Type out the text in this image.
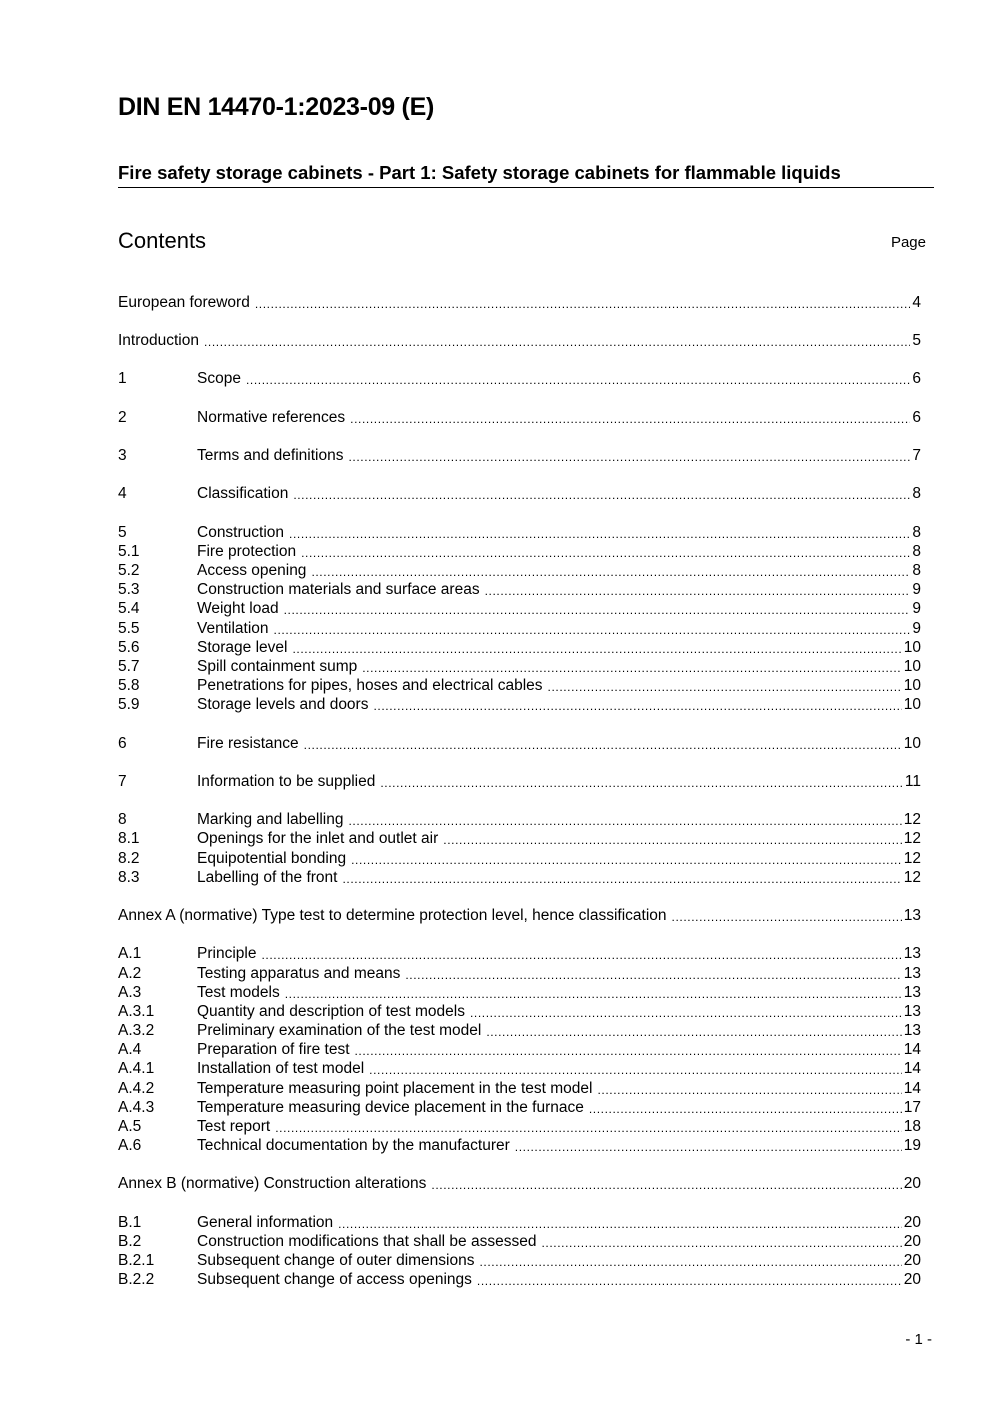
DIN EN 14470-1:2023-09 (E)
Fire safety storage cabinets - Part 1: Safety storage cabinets for flammable liquids
Contents	Page
European foreword .....	4
Introduction .....	5
1	Scope .....	6
2	Normative references .....	6
3	Terms and definitions .....	7
4	Classification .....	8
5	Construction .....	8
5.1	Fire protection .....	8
5.2	Access opening .....	8
5.3	Construction materials and surface areas .....	9
5.4	Weight load .....	9
5.5	Ventilation .....	9
5.6	Storage level .....	10
5.7	Spill containment sump .....	10
5.8	Penetrations for pipes, hoses and electrical cables .....	10
5.9	Storage levels and doors .....	10
6	Fire resistance .....	10
7	Information to be supplied .....	11
8	Marking and labelling .....	12
8.1	Openings for the inlet and outlet air .....	12
8.2	Equipotential bonding .....	12
8.3	Labelling of the front .....	12
Annex A (normative) Type test to determine protection level, hence classification .....	13
A.1	Principle .....	13
A.2	Testing apparatus and means .....	13
A.3	Test models .....	13
A.3.1	Quantity and description of test models .....	13
A.3.2	Preliminary examination of the test model .....	13
A.4	Preparation of fire test .....	14
A.4.1	Installation of test model .....	14
A.4.2	Temperature measuring point placement in the test model .....	14
A.4.3	Temperature measuring device placement in the furnace .....	17
A.5	Test report .....	18
A.6	Technical documentation by the manufacturer .....	19
Annex B (normative) Construction alterations .....	20
B.1	General information .....	20
B.2	Construction modifications that shall be assessed .....	20
B.2.1	Subsequent change of outer dimensions .....	20
B.2.2	Subsequent change of access openings .....	20
- 1 -
